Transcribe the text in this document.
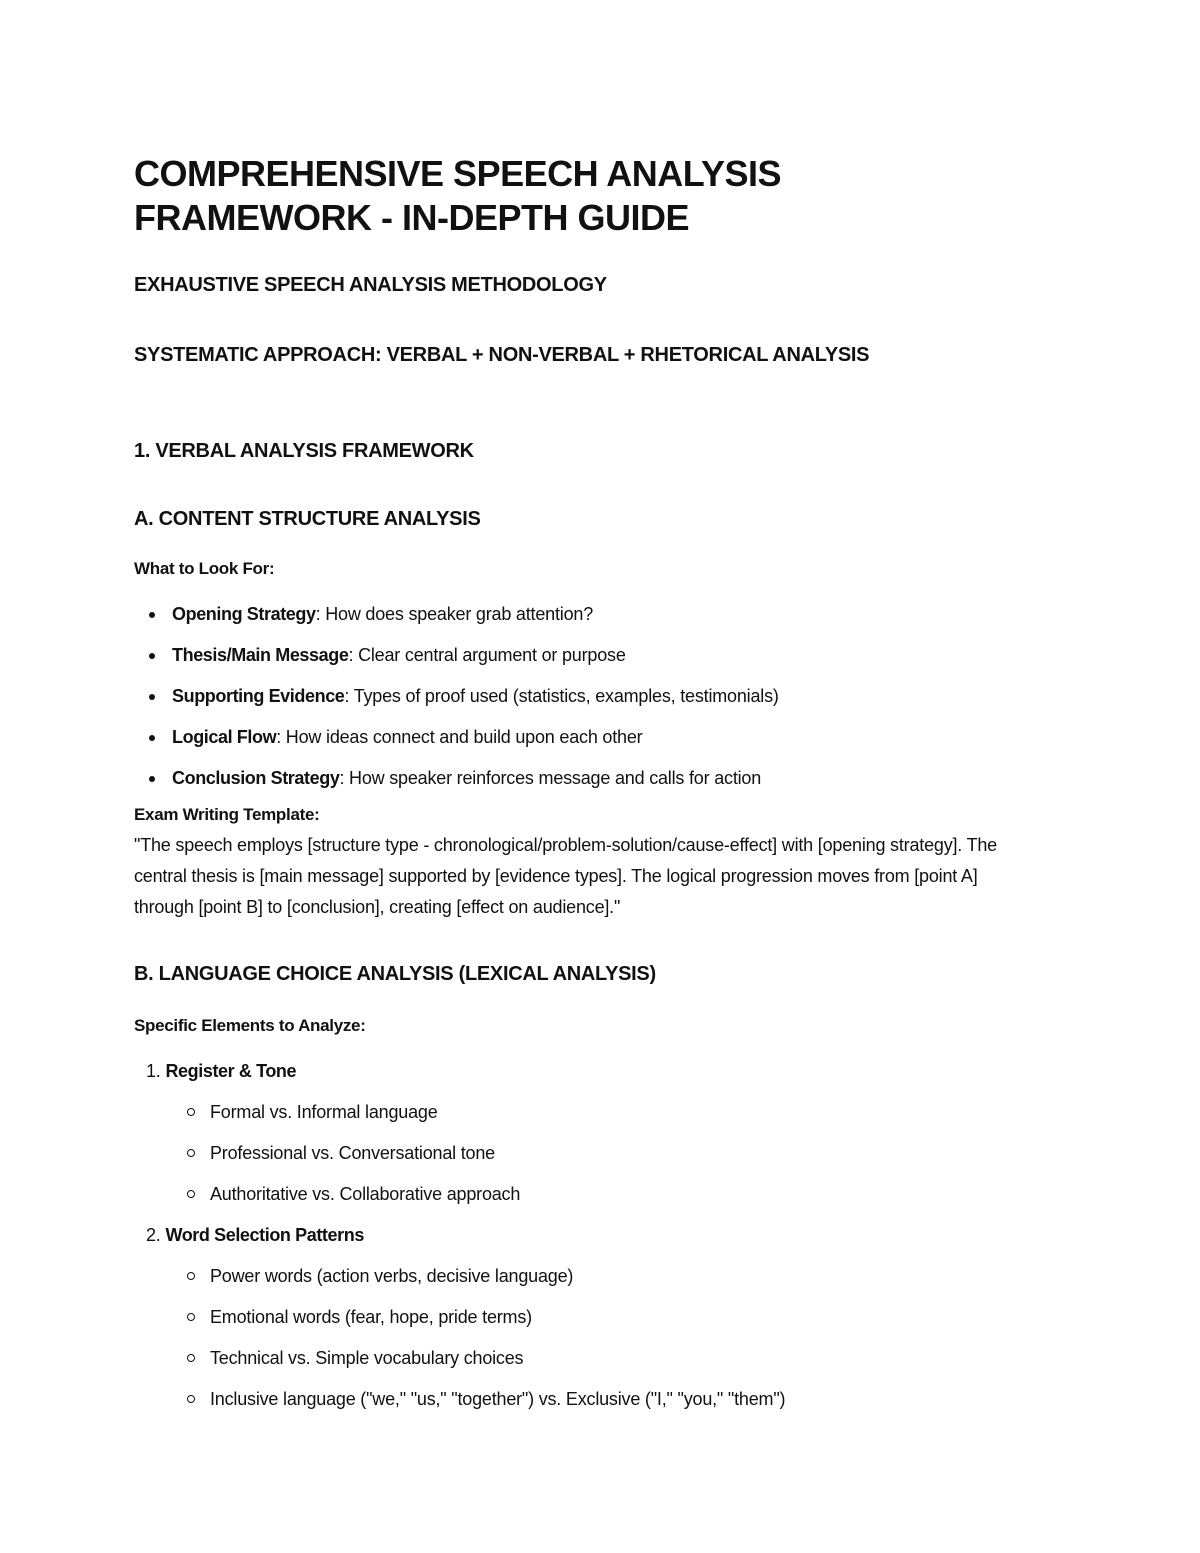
COMPREHENSIVE SPEECH ANALYSIS
FRAMEWORK - IN-DEPTH GUIDE

EXHAUSTIVE SPEECH ANALYSIS METHODOLOGY

SYSTEMATIC APPROACH: VERBAL + NON-VERBAL + RHETORICAL ANALYSIS

1. VERBAL ANALYSIS FRAMEWORK

A. CONTENT STRUCTURE ANALYSIS

What to Look For:

Opening Strategy: How does speaker grab attention?
Thesis/Main Message: Clear central argument or purpose
Supporting Evidence: Types of proof used (statistics, examples, testimonials)
Logical Flow: How ideas connect and build upon each other
Conclusion Strategy: How speaker reinforces message and calls for action

Exam Writing Template:

"The speech employs [structure type - chronological/problem-solution/cause-effect] with [opening strategy]. The central thesis is [main message] supported by [evidence types]. The logical progression moves from [point A] through [point B] to [conclusion], creating [effect on audience]."

B. LANGUAGE CHOICE ANALYSIS (LEXICAL ANALYSIS)

Specific Elements to Analyze:

1. Register & Tone
Formal vs. Informal language
Professional vs. Conversational tone
Authoritative vs. Collaborative approach
2. Word Selection Patterns
Power words (action verbs, decisive language)
Emotional words (fear, hope, pride terms)
Technical vs. Simple vocabulary choices
Inclusive language ("we," "us," "together") vs. Exclusive ("I," "you," "them")
